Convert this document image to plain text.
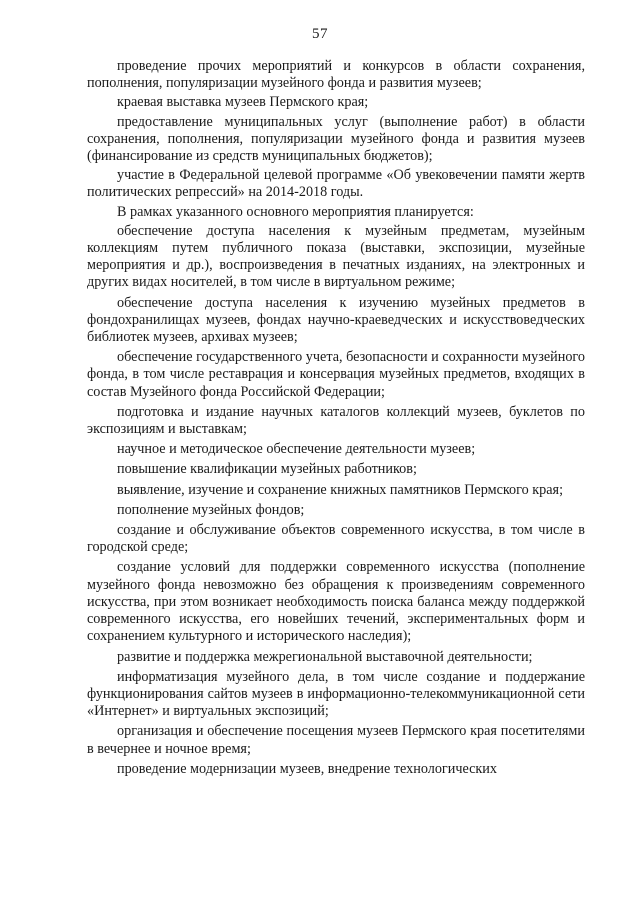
57

проведение прочих мероприятий и конкурсов в области сохранения, пополнения, популяризации музейного фонда и развития музеев;

краевая выставка музеев Пермского края;

предоставление муниципальных услуг (выполнение работ) в области сохранения, пополнения, популяризации музейного фонда и развития музеев (финансирование из средств муниципальных бюджетов);

участие в Федеральной целевой программе «Об увековечении памяти жертв политических репрессий» на 2014-2018 годы.

В рамках указанного основного мероприятия планируется:

обеспечение доступа населения к музейным предметам, музейным коллекциям путем публичного показа (выставки, экспозиции, музейные мероприятия и др.), воспроизведения в печатных изданиях, на электронных и других видах носителей, в том числе в виртуальном режиме;

обеспечение доступа населения к изучению музейных предметов в фондохранилищах музеев, фондах научно-краеведческих и искусствоведческих библиотек музеев, архивах музеев;

обеспечение государственного учета, безопасности и сохранности музейного фонда, в том числе реставрация и консервация музейных предметов, входящих в состав Музейного фонда Российской Федерации;

подготовка и издание научных каталогов коллекций музеев, буклетов по экспозициям и выставкам;

научное и методическое обеспечение деятельности музеев;

повышение квалификации музейных работников;

выявление, изучение и сохранение книжных памятников Пермского края;

пополнение музейных фондов;

создание и обслуживание объектов современного искусства, в том числе в городской среде;

создание условий для поддержки современного искусства (пополнение музейного фонда невозможно без обращения к произведениям современного искусства, при этом возникает необходимость поиска баланса между поддержкой современного искусства, его новейших течений, экспериментальных форм и сохранением культурного и исторического наследия);

развитие и поддержка межрегиональной выставочной деятельности;

информатизация музейного дела, в том числе создание и поддержание функционирования сайтов музеев в информационно-телекоммуникационной сети «Интернет» и виртуальных экспозиций;

организация и обеспечение посещения музеев Пермского края посетителями в вечернее и ночное время;

проведение модернизации музеев, внедрение технологических
